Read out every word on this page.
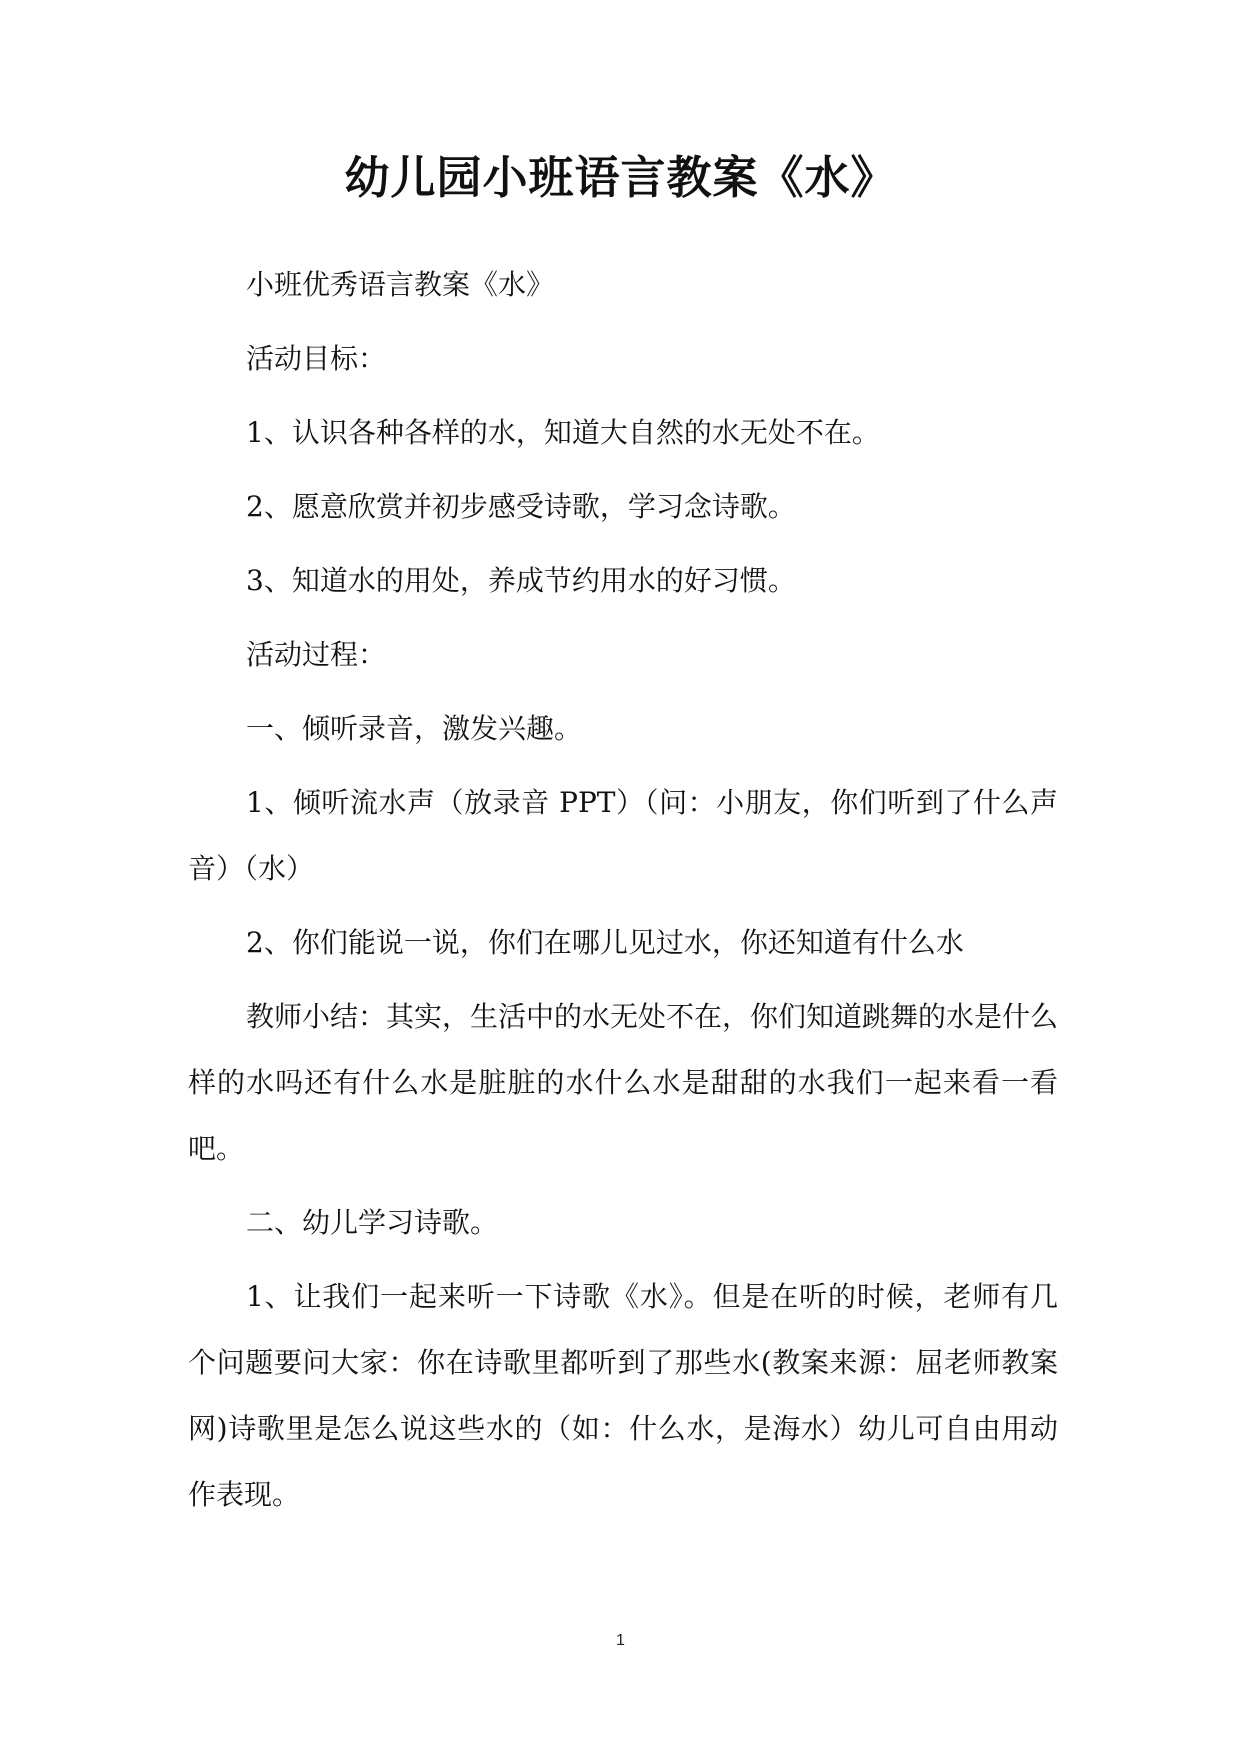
幼儿园小班语言教案《水》

小班优秀语言教案《水》

活动目标：

1、认识各种各样的水，知道大自然的水无处不在。

2、愿意欣赏并初步感受诗歌，学习念诗歌。

3、知道水的用处，养成节约用水的好习惯。

活动过程：

一、倾听录音，激发兴趣。

1、倾听流水声（放录音 PPT）（问：小朋友，你们听到了什么声音）（水）

2、你们能说一说，你们在哪儿见过水，你还知道有什么水

教师小结：其实，生活中的水无处不在，你们知道跳舞的水是什么样的水吗还有什么水是脏脏的水什么水是甜甜的水我们一起来看一看吧。

二、幼儿学习诗歌。

1、让我们一起来听一下诗歌《水》。但是在听的时候，老师有几个问题要问大家：你在诗歌里都听到了那些水(教案来源：屈老师教案网)诗歌里是怎么说这些水的（如：什么水，是海水）幼儿可自由用动作表现。

1
